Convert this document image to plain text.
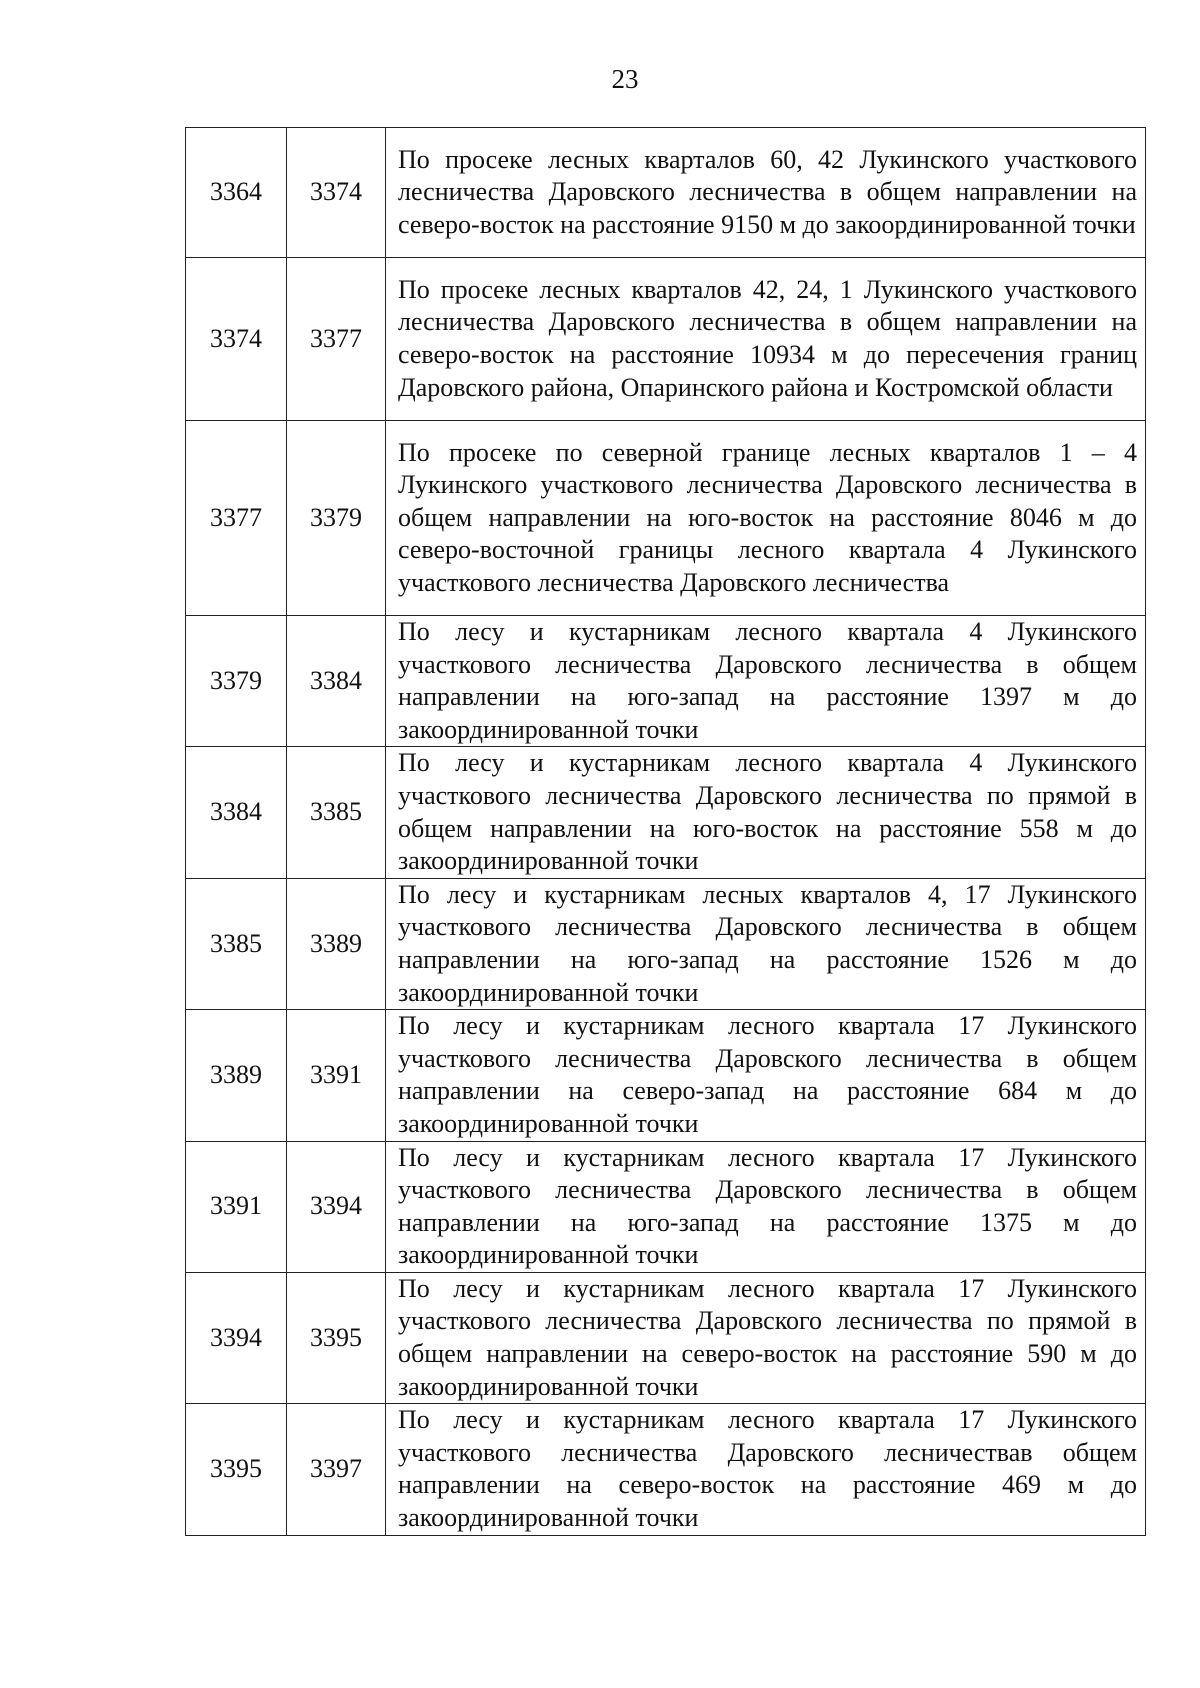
23
3364	3374	По просеке лесных кварталов 60, 42 Лукинского участкового лесничества Даровского лесничества в общем направлении на северо-восток на расстояние 9150 м до закоординированной точки
3374	3377	По просеке лесных кварталов 42, 24, 1 Лукинского участкового лесничества Даровского лесничества в общем направлении на северо-восток на расстояние 10934 м до пересечения границ Даровского района, Опаринского района и Костромской области
3377	3379	По просеке по северной границе лесных кварталов 1 – 4 Лукинского участкового лесничества Даровского лесничества в общем направлении на юго-восток на расстояние 8046 м до северо-восточной границы лесного квартала 4 Лукинского участкового лесничества Даровского лесничества
3379	3384	По лесу и кустарникам лесного квартала 4 Лукинского участкового лесничества Даровского лесничества в общем направлении на юго-запад на расстояние 1397 м до закоординированной точки
3384	3385	По лесу и кустарникам лесного квартала 4 Лукинского участкового лесничества Даровского лесничества по прямой в общем направлении на юго-восток на расстояние 558 м до закоординированной точки
3385	3389	По лесу и кустарникам лесных кварталов 4, 17 Лукинского участкового лесничества Даровского лесничества в общем направлении на юго-запад на расстояние 1526 м до закоординированной точки
3389	3391	По лесу и кустарникам лесного квартала 17 Лукинского участкового лесничества Даровского лесничества в общем направлении на северо-запад на расстояние 684 м до закоординированной точки
3391	3394	По лесу и кустарникам лесного квартала 17 Лукинского участкового лесничества Даровского лесничества в общем направлении на юго-запад на расстояние 1375 м до закоординированной точки
3394	3395	По лесу и кустарникам лесного квартала 17 Лукинского участкового лесничества Даровского лесничества по прямой в общем направлении на северо-восток на расстояние 590 м до закоординированной точки
3395	3397	По лесу и кустарникам лесного квартала 17 Лукинского участкового лесничества Даровского лесничествав общем направлении на северо-восток на расстояние 469 м до закоординированной точки
